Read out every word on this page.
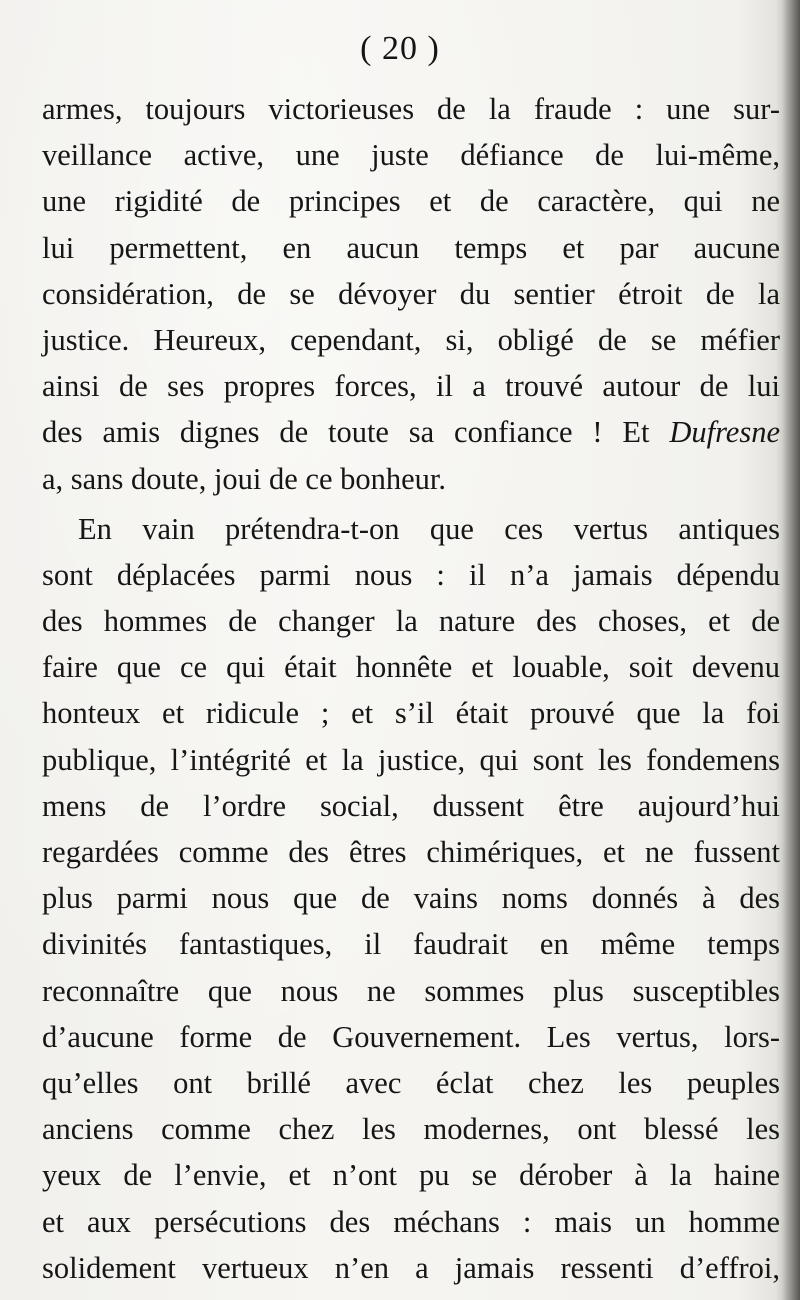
( 20 )
armes, toujours victorieuses de la fraude : une sur-
veillance active, une juste défiance de lui-même,
une rigidité de principes et de caractère, qui ne
lui permettent, en aucun temps et par aucune
considération, de se dévoyer du sentier étroit de la
justice. Heureux, cependant, si, obligé de se méfier
ainsi de ses propres forces, il a trouvé autour de lui
des amis dignes de toute sa confiance ! Et Dufresne
a, sans doute, joui de ce bonheur.
En vain prétendra-t-on que ces vertus antiques
sont déplacées parmi nous : il n’a jamais dépendu
des hommes de changer la nature des choses, et de
faire que ce qui était honnête et louable, soit devenu
honteux et ridicule ; et s’il était prouvé que la foi
publique, l’intégrité et la justice, qui sont les fondemens
mens de l’ordre social, dussent être aujourd’hui
regardées comme des êtres chimériques, et ne fussent
plus parmi nous que de vains noms donnés à des
divinités fantastiques, il faudrait en même temps
reconnaître que nous ne sommes plus susceptibles
d’aucune forme de Gouvernement. Les vertus, lors-
qu’elles ont brillé avec éclat chez les peuples
anciens comme chez les modernes, ont blessé les
yeux de l’envie, et n’ont pu se dérober à la haine
et aux persécutions des méchans : mais un homme
solidement vertueux n’en a jamais ressenti d’effroi,
